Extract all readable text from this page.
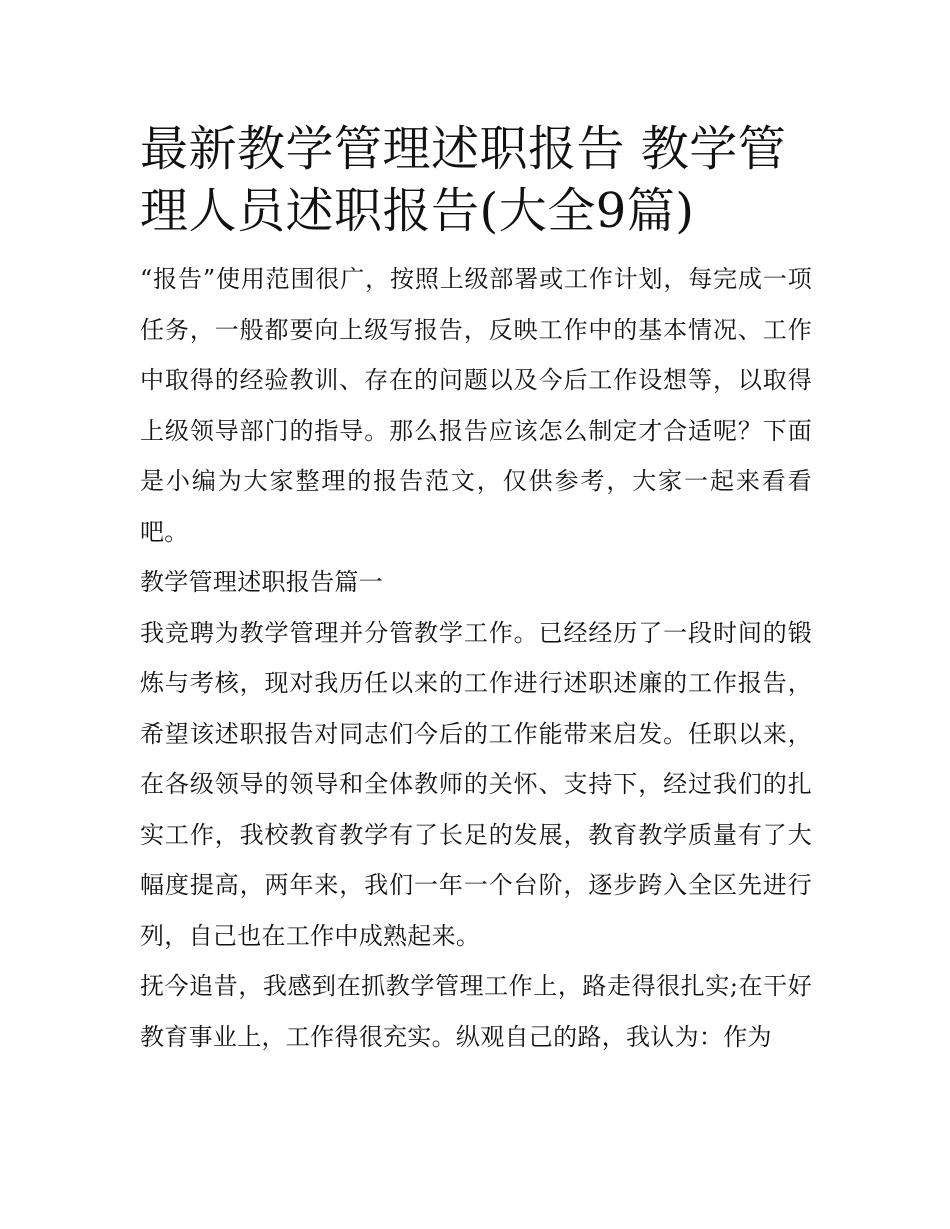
最新教学管理述职报告 教学管理人员述职报告(大全9篇)

“报告”使用范围很广，按照上级部署或工作计划，每完成一项任务，一般都要向上级写报告，反映工作中的基本情况、工作中取得的经验教训、存在的问题以及今后工作设想等，以取得上级领导部门的指导。那么报告应该怎么制定才合适呢？下面是小编为大家整理的报告范文，仅供参考，大家一起来看看吧。

教学管理述职报告篇一

我竞聘为教学管理并分管教学工作。已经经历了一段时间的锻炼与考核，现对我历任以来的工作进行述职述廉的工作报告，希望该述职报告对同志们今后的工作能带来启发。任职以来，在各级领导的领导和全体教师的关怀、支持下，经过我们的扎实工作，我校教育教学有了长足的发展，教育教学质量有了大幅度提高，两年来，我们一年一个台阶，逐步跨入全区先进行列，自己也在工作中成熟起来。

抚今追昔，我感到在抓教学管理工作上，路走得很扎实;在干好教育事业上，工作得很充实。纵观自己的路，我认为：作为
